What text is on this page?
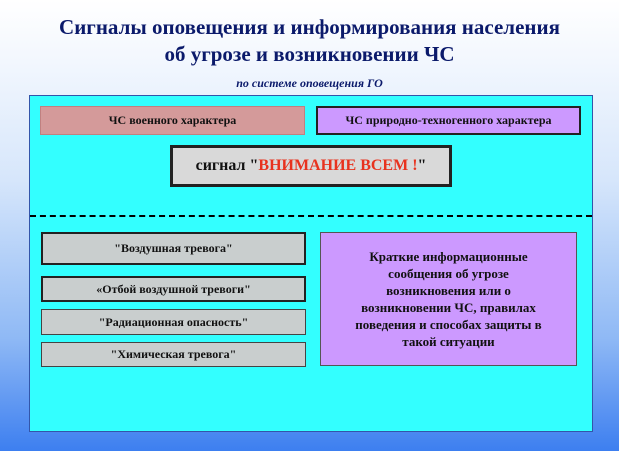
Сигналы оповещения и информирования населения
об угрозе и возникновении ЧС
по системе оповещения ГО
ЧС военного характера	ЧС природно-техногенного характера
сигнал " ВНИМАНИЕ ВСЕМ ! "
"Воздушная тревога"
«Отбой воздушной тревоги"
"Радиационная опасность"
"Химическая тревога"
Краткие информационные сообщения об угрозе возникновения или о возникновении ЧС, правилах поведения и способах защиты в такой ситуации
